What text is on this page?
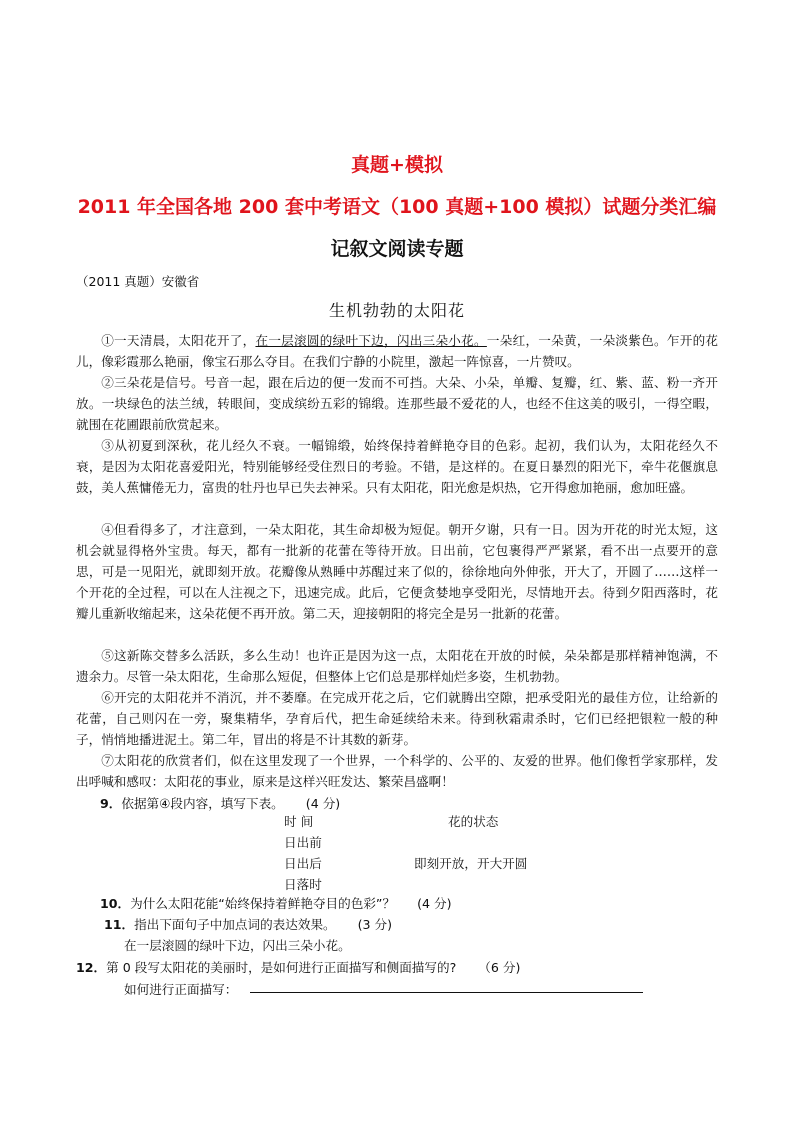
真题+模拟
2011 年全国各地 200 套中考语文（100 真题+100 模拟）试题分类汇编
记叙文阅读专题
（2011 真题）安徽省
生机勃勃的太阳花

①一天清晨，太阳花开了，在一层滚圆的绿叶下边，闪出三朵小花。一朵红，一朵黄，一朵淡紫色。乍开的花儿，像彩霞那么艳丽，像宝石那么夺目。在我们宁静的小院里，激起一阵惊喜，一片赞叹。

②三朵花是信号。号音一起，跟在后边的便一发而不可挡。大朵、小朵，单瓣、复瓣，红、紫、蓝、粉一齐开放。一块绿色的法兰绒，转眼间，变成缤纷五彩的锦缎。连那些最不爱花的人，也经不住这美的吸引，一得空暇，就围在花圃跟前欣赏起来。

③从初夏到深秋，花儿经久不衰。一幅锦缎，始终保持着鲜艳夺目的色彩。起初，我们认为，太阳花经久不衰，是因为太阳花喜爱阳光，特别能够经受住烈日的考验。不错，是这样的。在夏日暴烈的阳光下，牵牛花偃旗息鼓，美人蕉慵倦无力，富贵的牡丹也早已失去神采。只有太阳花，阳光愈是炽热，它开得愈加艳丽，愈加旺盛。

④但看得多了，才注意到，一朵太阳花，其生命却极为短促。朝开夕谢，只有一日。因为开花的时光太短，这机会就显得格外宝贵。每天，都有一批新的花蕾在等待开放。日出前，它包裹得严严紧紧，看不出一点要开的意思，可是一见阳光，就即刻开放。花瓣像从熟睡中苏醒过来了似的，徐徐地向外伸张，开大了，开圆了……这样一个开花的全过程，可以在人注视之下，迅速完成。此后，它便贪婪地享受阳光，尽情地开去。待到夕阳西落时，花瓣儿重新收缩起来，这朵花便不再开放。第二天，迎接朝阳的将完全是另一批新的花蕾。

⑤这新陈交替多么活跃，多么生动！也许正是因为这一点，太阳花在开放的时候，朵朵都是那样精神饱满，不遗余力。尽管一朵太阳花，生命那么短促，但整体上它们总是那样灿烂多姿，生机勃勃。

⑥开完的太阳花并不消沉，并不萎靡。在完成开花之后，它们就腾出空隙，把承受阳光的最佳方位，让给新的花蕾，自己则闪在一旁，聚集精华，孕育后代，把生命延续给未来。待到秋霜肃杀时，它们已经把银粒一般的种子，悄悄地播进泥土。第二年，冒出的将是不计其数的新芽。

⑦太阳花的欣赏者们，似在这里发现了一个世界，一个科学的、公平的、友爱的世界。他们像哲学家那样，发出呼喊和感叹：太阳花的事业，原来是这样兴旺发达、繁荣昌盛啊！

9．依据第④段内容，填写下表。 (4 分)
时 间	花的状态
日出前
日出后	即刻开放，开大开圆
日落时
10．为什么太阳花能“始终保持着鲜艳夺目的色彩”？ (4 分)
11．指出下面句子中加点词的表达效果。 (3 分)
在一层滚圆的绿叶下边，闪出三朵小花。
12．第 0 段写太阳花的美丽时，是如何进行正面描写和侧面描写的? （6 分)
如何进行正面描写：
